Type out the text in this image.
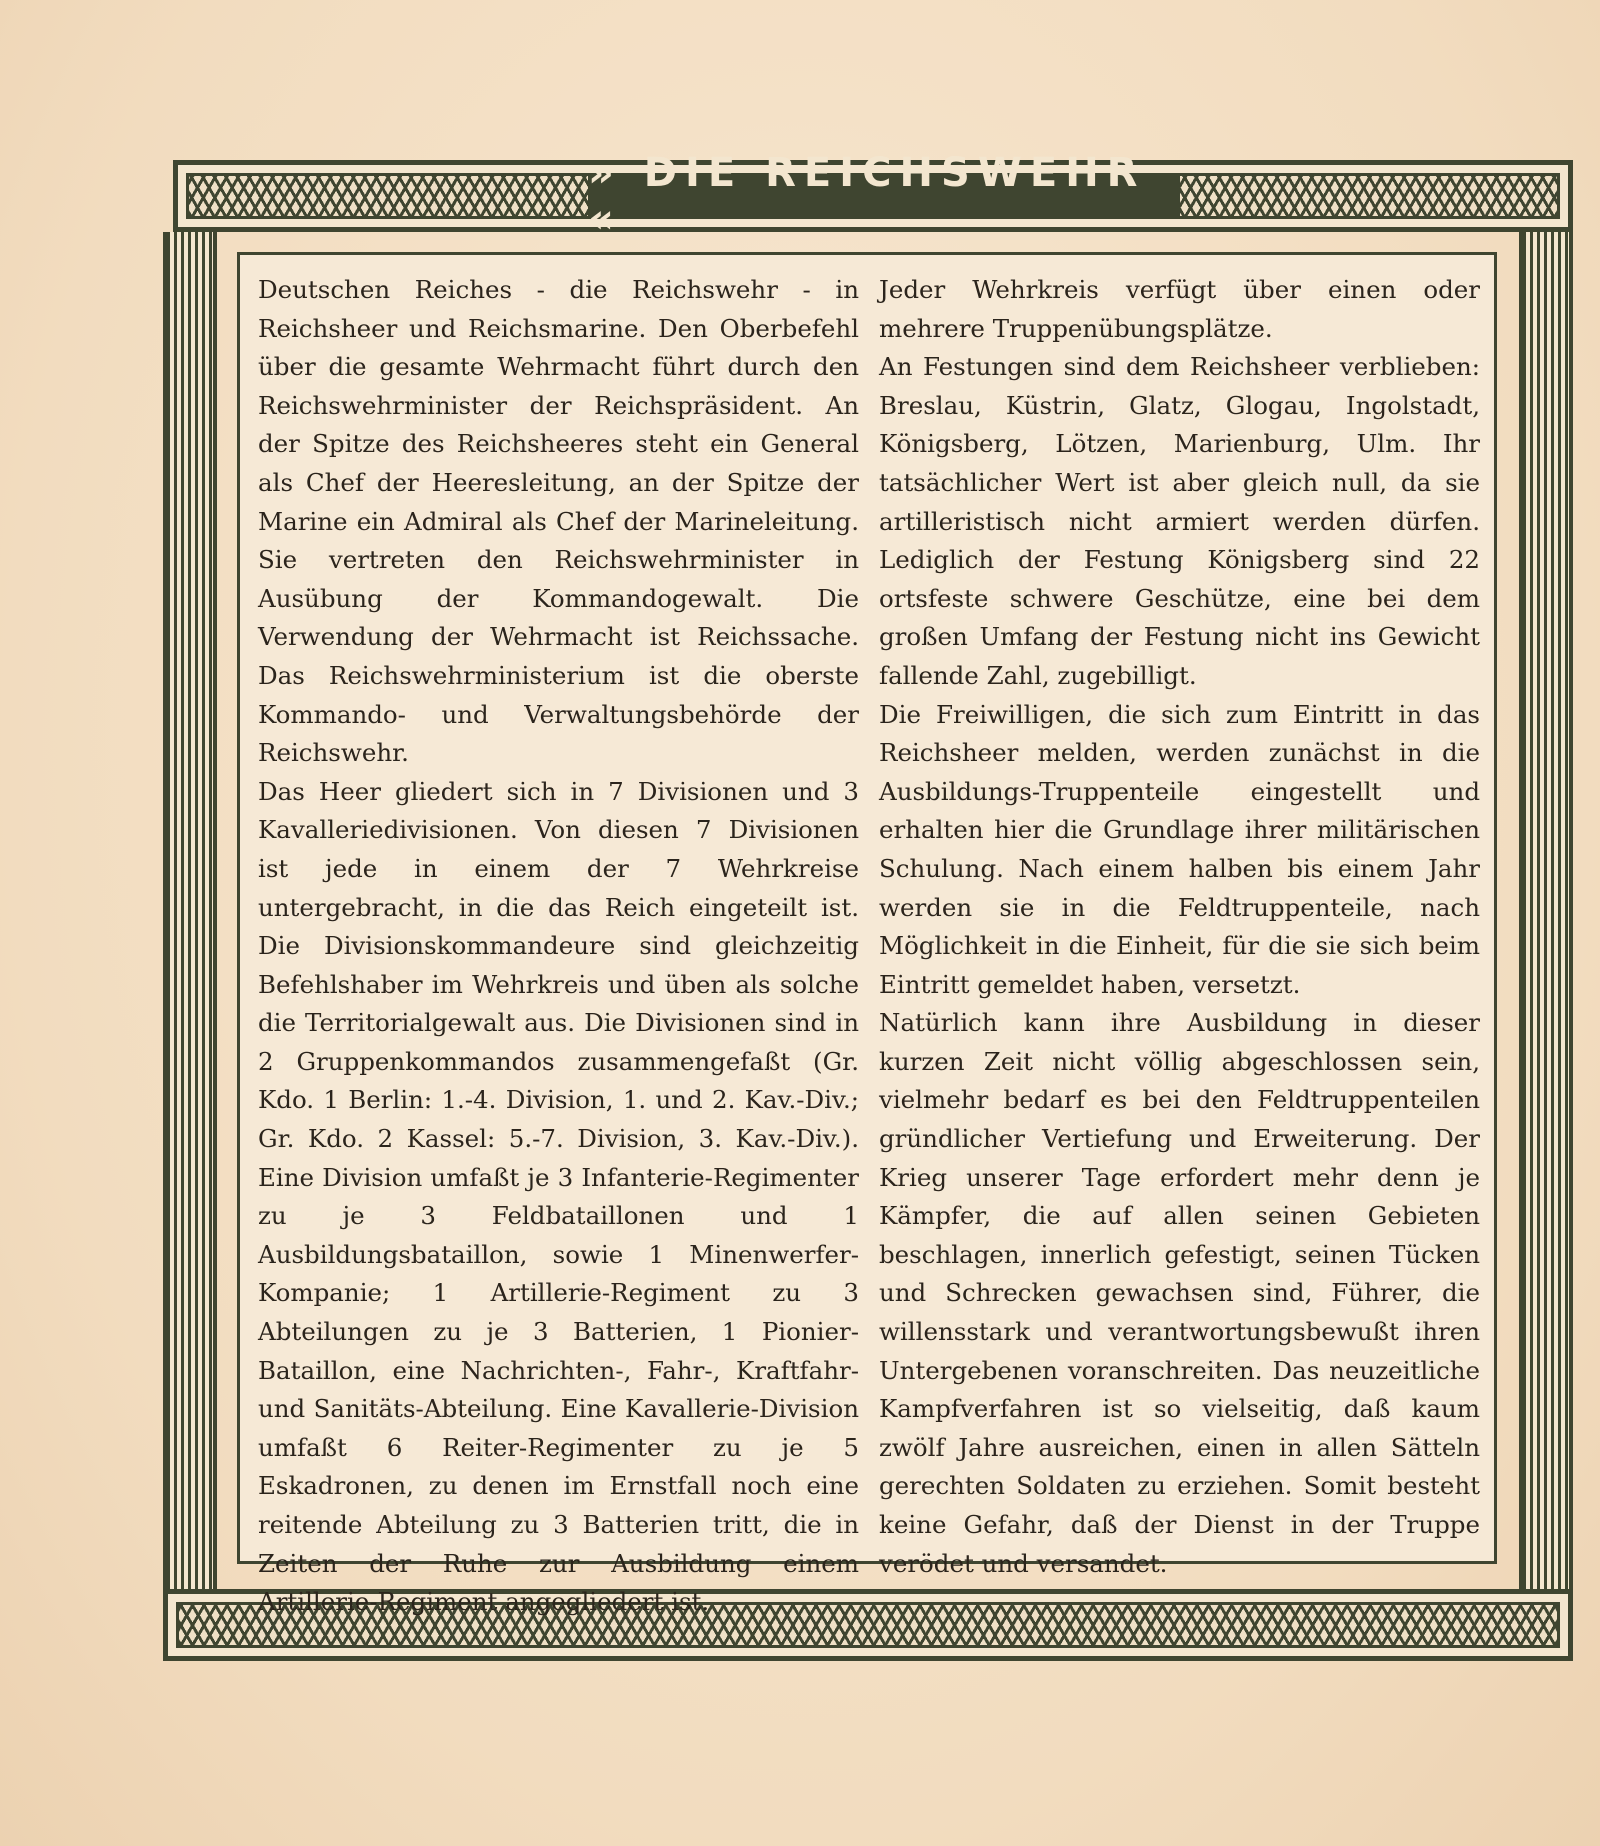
» DIE REICHSWEHR «

Deutschen Reiches - die Reichswehr - in Reichsheer und Reichsmarine. Den Oberbefehl über die gesamte Wehrmacht führt durch den Reichswehrminister der Reichspräsident. An der Spitze des Reichsheeres steht ein General als Chef der Heeresleitung, an der Spitze der Marine ein Admiral als Chef der Marineleitung. Sie vertreten den Reichswehrminister in Ausübung der Kommandogewalt. Die Verwendung der Wehrmacht ist Reichssache. Das Reichswehrministerium ist die oberste Kommando- und Verwaltungsbehörde der Reichswehr.

Das Heer gliedert sich in 7 Divisionen und 3 Kavalleriedivisionen. Von diesen 7 Divisionen ist jede in einem der 7 Wehrkreise untergebracht, in die das Reich eingeteilt ist. Die Divisionskommandeure sind gleichzeitig Befehlshaber im Wehrkreis und üben als solche die Territorialgewalt aus. Die Divisionen sind in 2 Gruppenkommandos zusammengefaßt (Gr. Kdo. 1 Berlin: 1.-4. Division, 1. und 2. Kav.-Div.; Gr. Kdo. 2 Kassel: 5.-7. Division, 3. Kav.-Div.). Eine Division umfaßt je 3 Infanterie-Regimenter zu je 3 Feldbataillonen und 1 Ausbildungsbataillon, sowie 1 Minenwerfer-Kompanie; 1 Artillerie-Regiment zu 3 Abteilungen zu je 3 Batterien, 1 Pionier-Bataillon, eine Nachrichten-, Fahr-, Kraftfahr- und Sanitäts-Abteilung. Eine Kavallerie-Division umfaßt 6 Reiter-Regimenter zu je 5 Eskadronen, zu denen im Ernstfall noch eine reitende Abteilung zu 3 Batterien tritt, die in Zeiten der Ruhe zur Ausbildung einem Artillerie-Regiment angegliedert ist.

Jeder Wehrkreis verfügt über einen oder mehrere Truppenübungsplätze.

An Festungen sind dem Reichsheer verblieben: Breslau, Küstrin, Glatz, Glogau, Ingolstadt, Königsberg, Lötzen, Marienburg, Ulm. Ihr tatsächlicher Wert ist aber gleich null, da sie artilleristisch nicht armiert werden dürfen. Lediglich der Festung Königsberg sind 22 ortsfeste schwere Geschütze, eine bei dem großen Umfang der Festung nicht ins Gewicht fallende Zahl, zugebilligt.

Die Freiwilligen, die sich zum Eintritt in das Reichsheer melden, werden zunächst in die Ausbildungs-Truppenteile eingestellt und erhalten hier die Grundlage ihrer militärischen Schulung. Nach einem halben bis einem Jahr werden sie in die Feldtruppenteile, nach Möglichkeit in die Einheit, für die sie sich beim Eintritt gemeldet haben, versetzt.

Natürlich kann ihre Ausbildung in dieser kurzen Zeit nicht völlig abgeschlossen sein, vielmehr bedarf es bei den Feldtruppenteilen gründlicher Vertiefung und Erweiterung. Der Krieg unserer Tage erfordert mehr denn je Kämpfer, die auf allen seinen Gebieten beschlagen, innerlich gefestigt, seinen Tücken und Schrecken gewachsen sind, Führer, die willensstark und verantwortungsbewußt ihren Untergebenen voranschreiten. Das neuzeitliche Kampfverfahren ist so vielseitig, daß kaum zwölf Jahre ausreichen, einen in allen Sätteln gerechten Soldaten zu erziehen. Somit besteht keine Gefahr, daß der Dienst in der Truppe verödet und versandet.
